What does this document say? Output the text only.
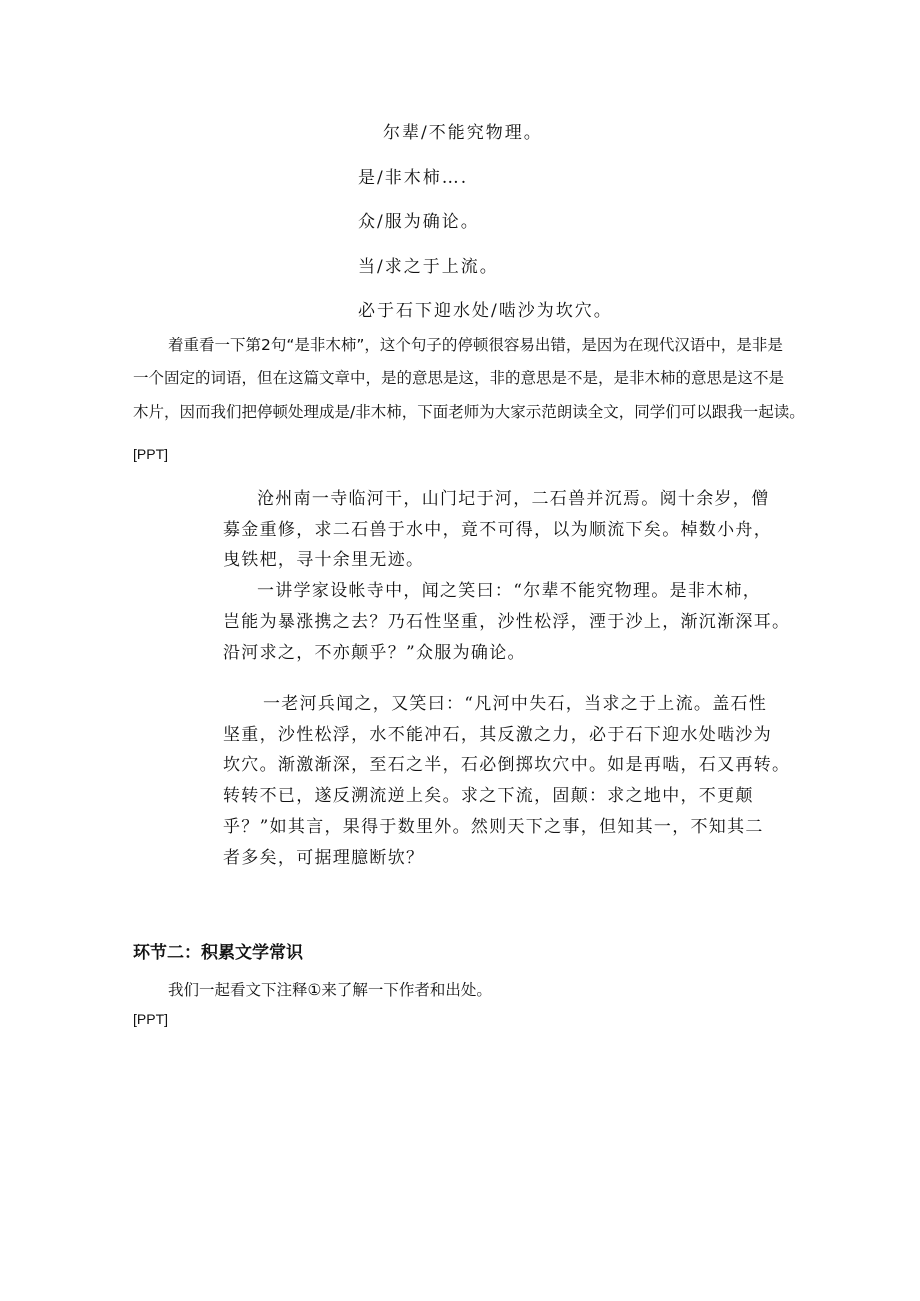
尔辈/不能究物理。

是/非木柿….

众/服为确论。

当/求之于上流。

必于石下迎水处/啮沙为坎穴。

着重看一下第2句“是非木柿”，这个句子的停顿很容易出错，是因为在现代汉语中，是非是

一个固定的词语，但在这篇文章中，是的意思是这，非的意思是不是，是非木柿的意思是这不是

木片，因而我们把停顿处理成是/非木柿，下面老师为大家示范朗读全文，同学们可以跟我一起读。

[PPT]

沧州南一寺临河干，山门圮于河，二石兽并沉焉。阅十余岁，僧

募金重修，求二石兽于水中，竟不可得，以为顺流下矣。棹数小舟，

曳铁杷，寻十余里无迹。

一讲学家设帐寺中，闻之笑曰：“尔辈不能究物理。是非木柿，

岂能为暴涨携之去？乃石性坚重，沙性松浮，湮于沙上，渐沉渐深耳。

沿河求之，不亦颠乎？”众服为确论。

一老河兵闻之，又笑曰：“凡河中失石，当求之于上流。盖石性

坚重，沙性松浮，水不能冲石，其反激之力，必于石下迎水处啮沙为

坎穴。渐激渐深，至石之半，石必倒掷坎穴中。如是再啮，石又再转。

转转不已，遂反溯流逆上矣。求之下流，固颠：求之地中，不更颠

乎？”如其言，果得于数里外。然则天下之事，但知其一，不知其二

者多矣，可据理臆断欤？

环节二：积累文学常识

我们一起看文下注释①来了解一下作者和出处。

[PPT]
